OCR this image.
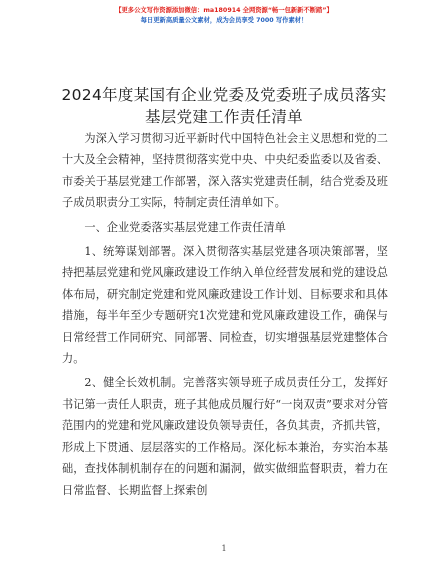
【更多公文写作资源添加微信：ma180914 全网资源“畅一包新新不断踏”】
每日更新高质量公文素材，成为会员享受 7000 写作素材！
2024年度某国有企业党委及党委班子成员落实
基层党建工作责任清单

为深入学习贯彻习近平新时代中国特色社会主义思想和党的二十大及全会精神，坚持贯彻落实党中央、中央纪委监委以及省委、市委关于基层党建工作部署，深入落实党建责任制，结合党委及班子成员职责分工实际，特制定责任清单如下。

一、企业党委落实基层党建工作责任清单

1、统筹谋划部署。深入贯彻落实基层党建各项决策部署，坚持把基层党建和党风廉政建设工作纳入单位经营发展和党的建设总体布局，研究制定党建和党风廉政建设工作计划、目标要求和具体措施，每半年至少专题研究1次党建和党风廉政建设工作，确保与日常经营工作同研究、同部署、同检查，切实增强基层党建整体合力。

2、健全长效机制。完善落实领导班子成员责任分工，发挥好书记第一责任人职责，班子其他成员履行好“一岗双责”要求对分管范围内的党建和党风廉政建设负领导责任，各负其责，齐抓共管，形成上下贯通、层层落实的工作格局。深化标本兼治，夯实治本基础，查找体制机制存在的问题和漏洞，做实做细监督职责，着力在日常监督、长期监督上探索创

1
